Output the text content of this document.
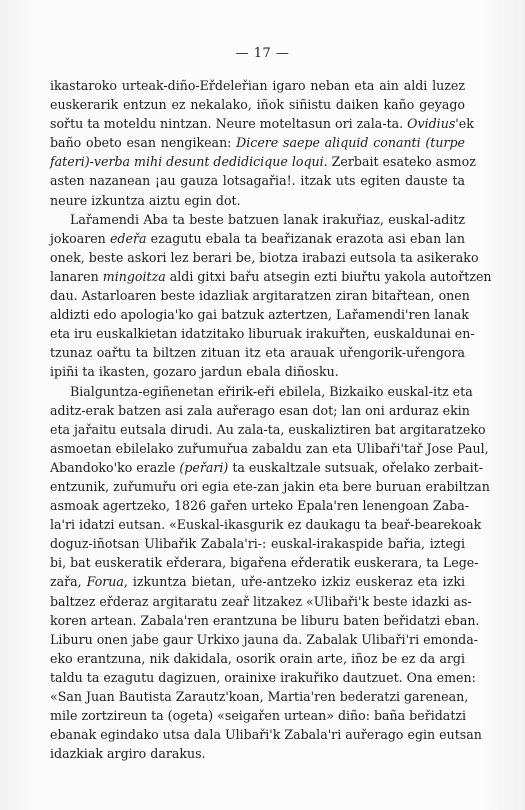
— 17 —
ikastaroko urteak-diño-Eřdeleřian igaro neban eta ain aldi luzez
euskerarik entzun ez nekalako, iñok siñistu daiken kaño geyago
sořtu ta moteldu nintzan. Neure moteltasun ori zala-ta. Ovidius'ek
baño obeto esan nengikean: Dicere saepe aliquid conanti (turpe
fateri)-verba mihi desunt dedidicique loqui. Zerbait esateko asmoz
asten nazanean ¡au gauza lotsagařia!. itzak uts egiten dauste ta
neure izkuntza aiztu egin dot.
Lařamendi Aba ta beste batzuen lanak irakuřiaz, euskal-aditz
jokoaren edeřa ezagutu ebala ta beařizanak erazota asi eban lan
onek, beste askori lez berari be, biotza irabazi eutsola ta asikerako
lanaren mingoitza aldi gitxi bařu atsegin ezti biuřtu yakola autořtzen
dau. Astarloaren beste idazliak argitaratzen ziran bitařtean, onen
aldizti edo apologia'ko gai batzuk aztertzen, Lařamendi'ren lanak
eta iru euskalkietan idatzitako liburuak irakuřten, euskaldunai en-
tzunaz oařtu ta biltzen zituan itz eta arauak uřengorik-uřengora
ipiñi ta ikasten, gozaro jardun ebala diñosku.
Bialguntza-egiñenetan eřirik-eři ebilela, Bizkaiko euskal-itz eta
aditz-erak batzen asi zala auřerago esan dot; lan oni arduraz ekin
eta jařaitu eutsala dirudi. Au zala-ta, euskaliztiren bat argitaratzeko
asmoetan ebilelako zuřumuřua zabaldu zan eta Ulibaři'tař Jose Paul,
Abandoko'ko erazle (peřari) ta euskaltzale sutsuak, ořelako zerbait-
entzunik, zuřumuřu ori egia ete-zan jakin eta bere buruan erabiltzan
asmoak agertzeko, 1826 gařen urteko Epala'ren lenengoan Zaba-
la'ri idatzi eutsan. «Euskal-ikasgurik ez daukagu ta beař-bearekoak
doguz-iñotsan Ulibařik Zabala'ri-: euskal-irakaspide bařia, iztegi
bi, bat euskeratik eřderara, bigařena eřderatik euskerara, ta Lege-
zařa, Forua, izkuntza bietan, uře-antzeko izkiz euskeraz eta izki
baltzez eřderaz argitaratu zeař litzakez «Ulibaři'k beste idazki as-
koren artean. Zabala'ren erantzuna be liburu baten beřidatzi eban.
Liburu onen jabe gaur Urkixo jauna da. Zabalak Ulibaři'ri emonda-
eko erantzuna, nik dakidala, osorik orain arte, iñoz be ez da argi
taldu ta ezagutu dagizuen, orainixe irakuřiko dautzuet. Ona emen:
«San Juan Bautista Zarautz'koan, Martia'ren bederatzi garenean,
mile zortzireun ta (ogeta) «seigařen urtean» diño: baña beřidatzi
ebanak egindako utsa dala Ulibaři'k Zabala'ri auřerago egin eutsan
idazkiak argiro darakus.
